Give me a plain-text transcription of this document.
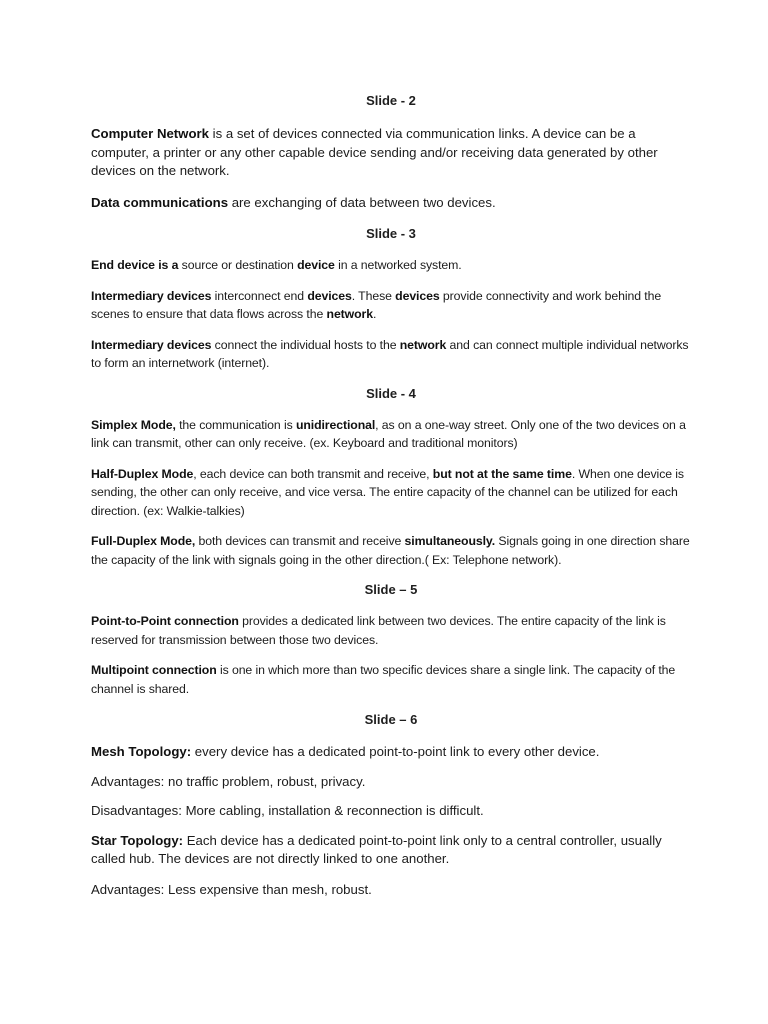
Slide - 2

Computer Network is a set of devices connected via communication links. A device can be a computer, a printer or any other capable device sending and/or receiving data generated by other devices on the network.

Data communications are exchanging of data between two devices.

Slide - 3

End device is a source or destination device in a networked system.

Intermediary devices interconnect end devices. These devices provide connectivity and work behind the scenes to ensure that data flows across the network.

Intermediary devices connect the individual hosts to the network and can connect multiple individual networks to form an internetwork (internet).

Slide - 4

Simplex Mode, the communication is unidirectional, as on a one-way street. Only one of the two devices on a link can transmit, other can only receive. (ex. Keyboard and traditional monitors)

Half-Duplex Mode, each device can both transmit and receive, but not at the same time. When one device is sending, the other can only receive, and vice versa. The entire capacity of the channel can be utilized for each direction. (ex: Walkie-talkies)

Full-Duplex Mode, both devices can transmit and receive simultaneously. Signals going in one direction share the capacity of the link with signals going in the other direction.( Ex: Telephone network).

Slide – 5

Point-to-Point connection provides a dedicated link between two devices. The entire capacity of the link is reserved for transmission between those two devices.

Multipoint connection is one in which more than two specific devices share a single link. The capacity of the channel is shared.

Slide – 6

Mesh Topology: every device has a dedicated point-to-point link to every other device.

Advantages: no traffic problem, robust, privacy.

Disadvantages: More cabling, installation & reconnection is difficult.

Star Topology: Each device has a dedicated point-to-point link only to a central controller, usually called hub. The devices are not directly linked to one another.

Advantages: Less expensive than mesh, robust.
